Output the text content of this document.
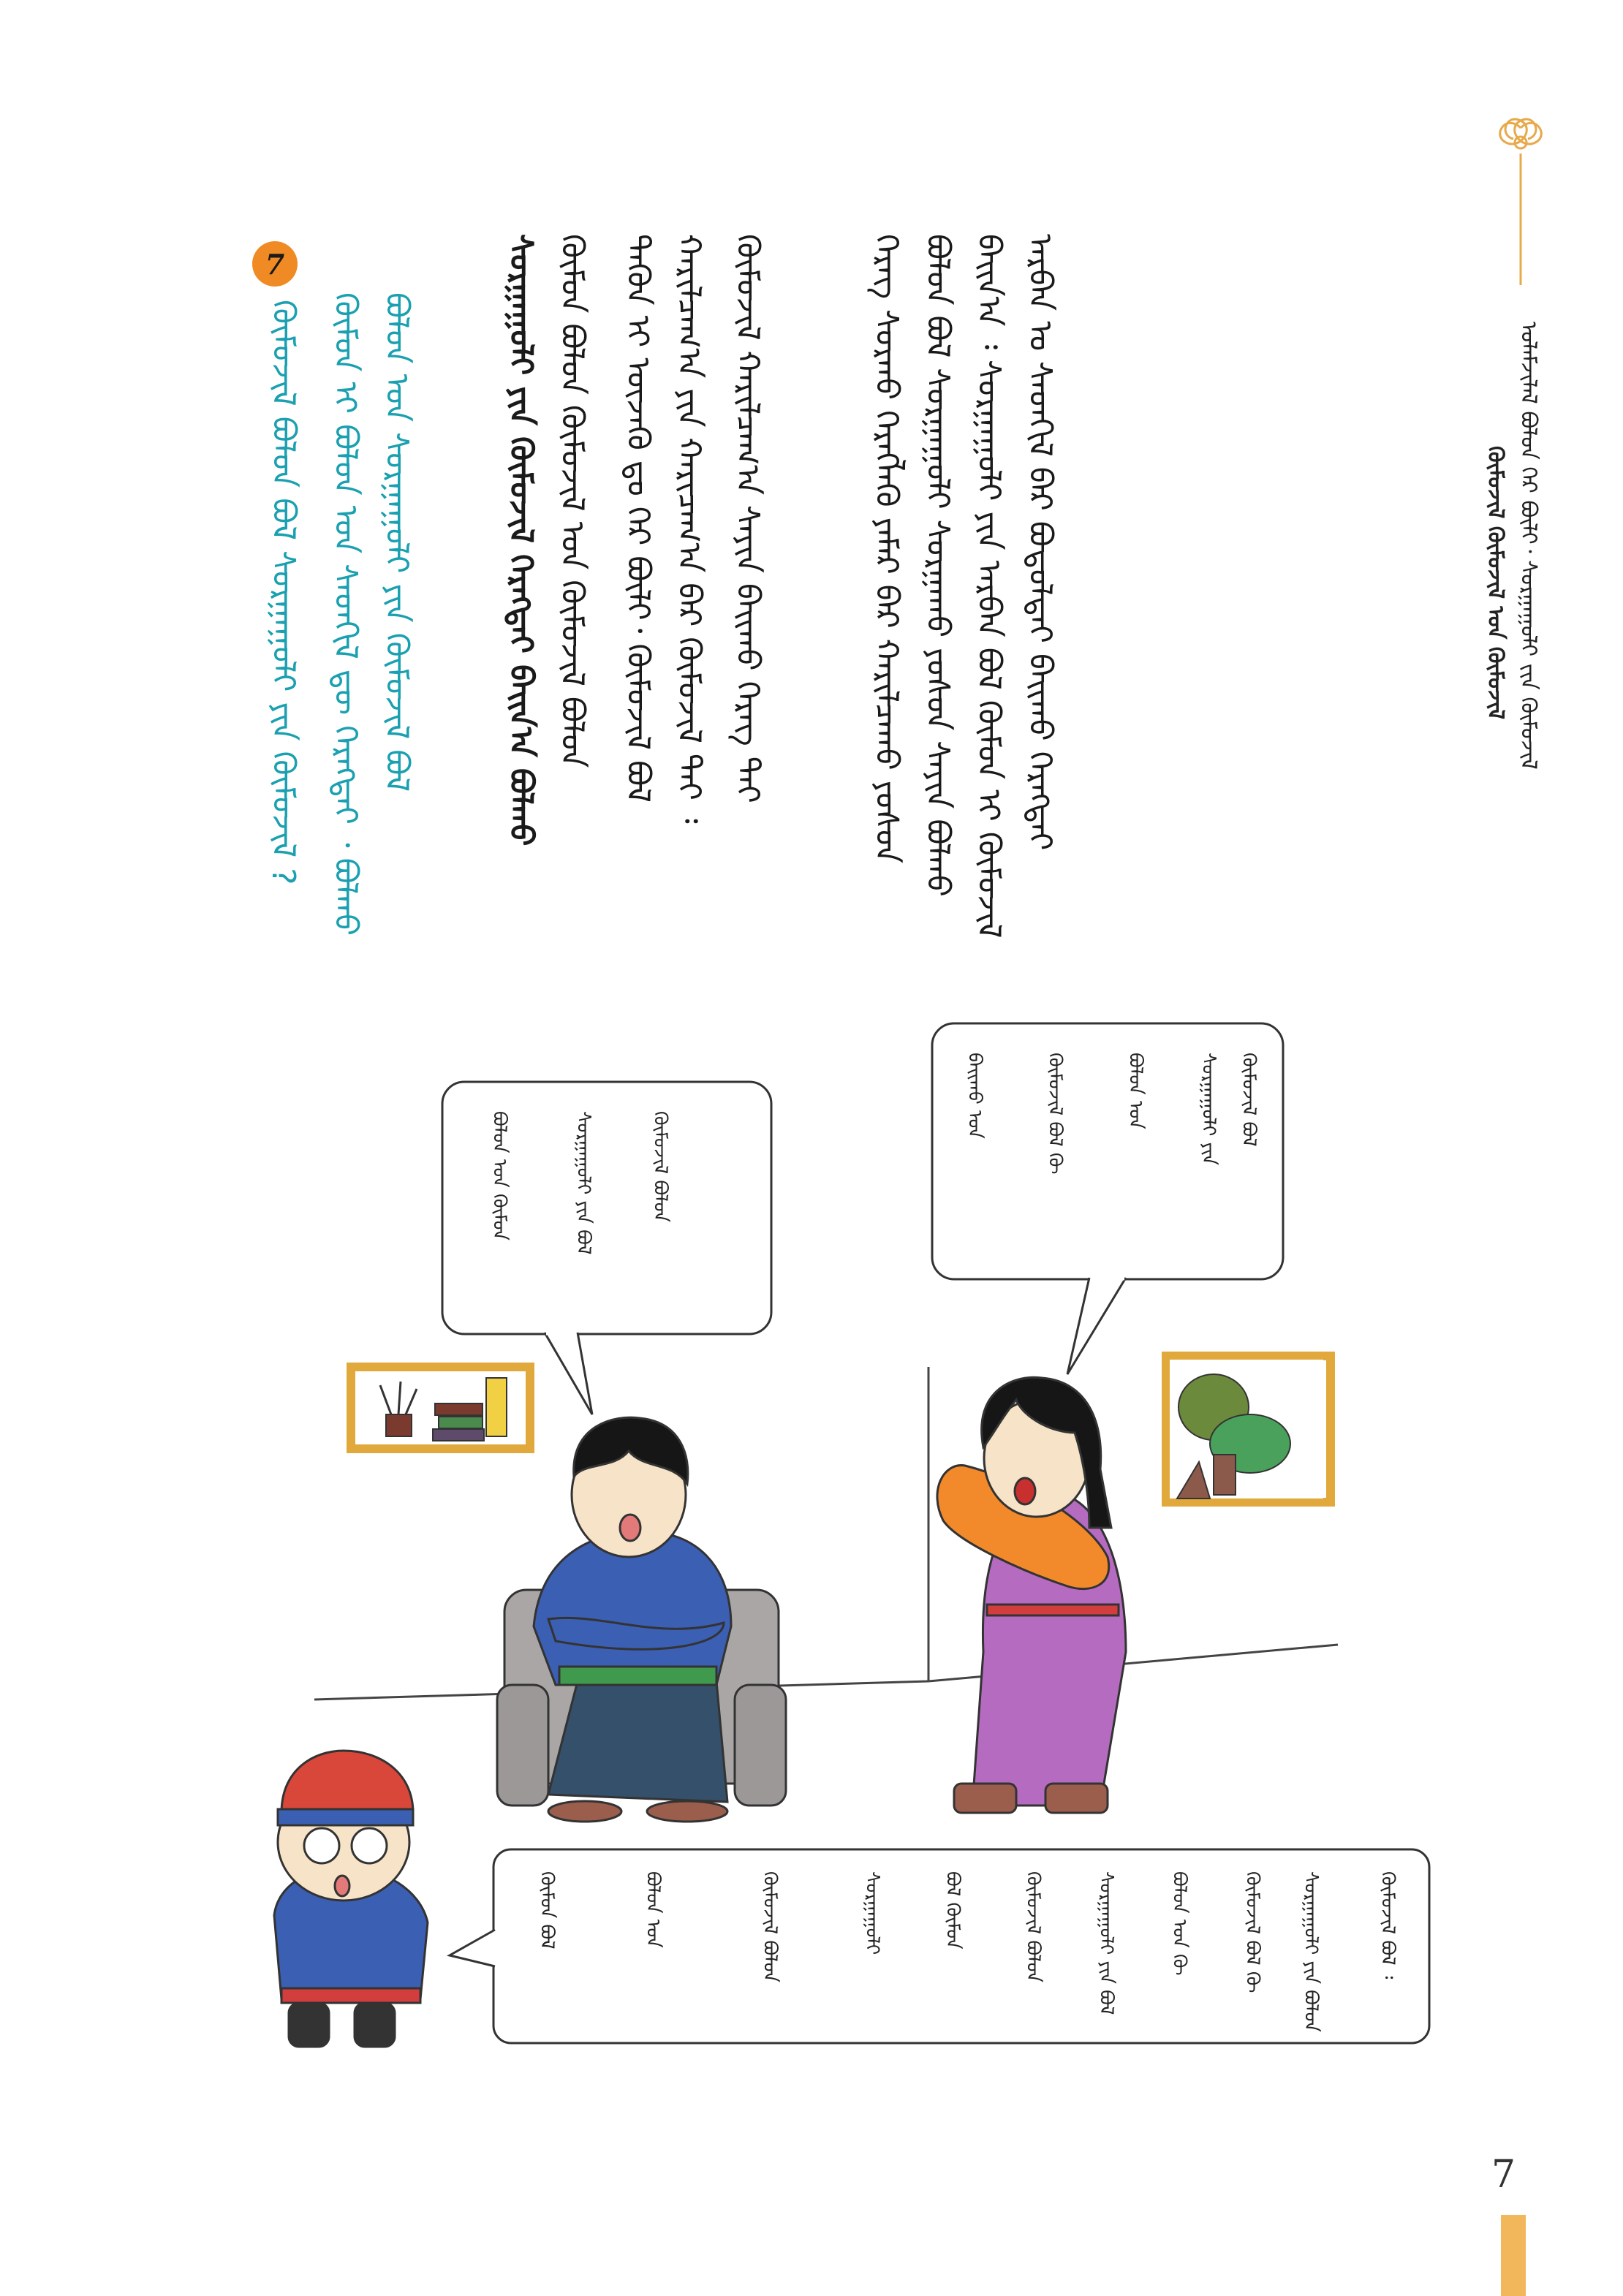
ᠬᠦᠮᠦᠵᠢᠯ ᠬᠦᠮᠦᠵᠢᠯ ᠤᠨ ᠬᠥᠮᠦᠵᠢᠯ ᠤᠯᠠᠮᠵᠢᠯᠠᠯ ᠪᠣᠯᠤᠨ ᠭᠡᠷ ᠪᠦᠯᠢ᠂ ᠰᠤᠷᠭᠠᠭᠤᠯᠢ ᠵᠢᠨ ᠬᠦᠮᠦᠵᠢᠯ
ᠠᠷᠪᠠᠨ ᠤ ᠰᠡᠳᠬᠢᠯ ᠪᠡᠷ ᠪᠣᠳᠣᠯᠲᠠᠢ ᠪᠠᠢᠬᠤ ᠬᠡᠷᠡᠭᠲᠡᠢ
ᠪᠠᠢᠨ᠎ᠠ ᠄ ᠰᠤᠷᠭᠠᠭᠤᠯᠢ ᠶᠢᠨ ᠠᠷᠪᠠᠨ ᠪᠣᠯ ᠬᠦᠮᠦᠨ ᠢ ᠬᠦᠮᠦᠵᠢᠯ
ᠪᠣᠯᠤᠨ ᠪᠣᠯ ᠰᠤᠷᠭᠠᠭᠤᠯᠢ ᠰᠤᠷᠭᠠᠬᠤ ᠶᠣᠰᠣᠨ ᠰᠠᠶᠢᠨ ᠪᠣᠯᠬᠤ
ᠬᠡᠷᠡᠭ ᠰᠤᠷᠬᠤ ᠬᠡᠷᠡᠭᠯᠡᠬᠦ ᠶᠠᠮᠠᠷ ᠪᠡᠷ ᠬᠠᠷᠢᠯᠴᠠᠬᠤ ᠶᠣᠰᠣᠨ
ᠬᠦᠮᠦᠵᠢᠯ ᠬᠠᠷᠢᠯᠴᠠᠭ᠎ᠠ ᠰᠠᠶᠢᠨ ᠪᠠᠢᠬᠤ ᠬᠡᠷᠡᠭ ᠲᠡᠢ
ᠬᠠᠷᠢᠯᠴᠠᠭ᠎ᠠ ᠶᠢᠨ ᠬᠠᠷᠢᠴᠠᠭ᠎ᠠ ᠪᠡᠷ ᠬᠦᠮᠦᠵᠢᠯ ᠲᠡᠢ ᠄
ᠲᠡᠭᠦᠨ ᠢ ᠦᠵᠡᠬᠦ ᠳᠤ ᠭᠡᠷ ᠪᠦᠯᠢ᠂ ᠬᠦᠮᠦᠵᠢᠯ ᠪᠣᠯ
ᠬᠦᠮᠦᠨ ᠪᠣᠯᠤᠨ ᠬᠦᠮᠦᠵᠢᠯ ᠤᠨ ᠬᠥᠮᠦᠵᠢᠯ ᠪᠣᠯᠤᠨ
ᠰᠤᠷᠭᠠᠭᠤᠯᠢ ᠶᠢᠨ ᠬᠥᠮᠦᠵᠢᠯ ᠬᠡᠷᠡᠭᠲᠡᠢ ᠪᠠᠢᠨ᠎ᠠ ᠪᠣᠯᠬᠤ
7
ᠪᠣᠯᠤᠨ ᠤᠨ ᠰᠤᠷᠭᠠᠭᠤᠯᠢ ᠶᠢᠨ ᠬᠦᠮᠦᠵᠢᠯ ᠪᠣᠯ
ᠬᠦᠮᠦᠨ ᠢ ᠪᠣᠯᠤᠨ ᠤᠨ ᠰᠡᠳᠬᠢᠯ ᠳᠦ ᠬᠡᠷᠡᠭᠲᠡᠢ ᠂ ᠪᠣᠯᠬᠤ
ᠬᠦᠮᠦᠵᠢᠯ ᠪᠣᠯᠤᠨ ᠪᠣᠯ ᠰᠤᠷᠭᠠᠭᠤᠯᠢ ᠶᠢᠨ ᠬᠥᠮᠦᠵᠢᠯ ?
ᠬᠦᠮᠦᠵᠢᠯ ᠪᠣᠯ
ᠰᠤᠷᠭᠠᠭᠤᠯᠢ ᠶᠢᠨ
ᠪᠣᠯᠤᠨ ᠤᠨ
ᠬᠥᠮᠦᠵᠢᠯ ᠪᠣᠯ ᠬᠥ
ᠪᠠᠢᠬᠤ ᠤᠨ
ᠬᠦᠮᠦᠵᠢᠯ ᠪᠣᠯᠤᠨ
ᠰᠤᠷᠭᠠᠭᠤᠯᠢ ᠶᠢᠨ ᠪᠣᠯ
ᠪᠣᠯᠤᠨ ᠤᠨ ᠬᠦᠮᠦᠨ
ᠬᠦᠮᠦᠵᠢᠯ ᠪᠣᠯ ᠄
ᠰᠤᠷᠭᠠᠭᠤᠯᠢ ᠶᠢᠨ ᠪᠣᠯᠤᠨ
ᠬᠦᠮᠦᠵᠢᠯ ᠪᠣᠯ ᠬᠥ
ᠪᠣᠯᠤᠨ ᠤᠨ ᠬᠦ
ᠰᠤᠷᠭᠠᠭᠤᠯᠢ ᠶᠢᠨ ᠪᠣᠯ
ᠬᠥᠮᠦᠵᠢᠯ ᠪᠣᠯᠤᠨ
ᠪᠣᠯ ᠬᠦᠮᠦᠨ
ᠰᠤᠷᠭᠠᠭᠤᠯᠢ
ᠬᠦᠮᠦᠵᠢᠯ ᠪᠣᠯᠤᠨ
ᠪᠣᠯᠤᠨ ᠤᠨ
ᠬᠦᠮᠦᠨ ᠪᠣᠯ
7
